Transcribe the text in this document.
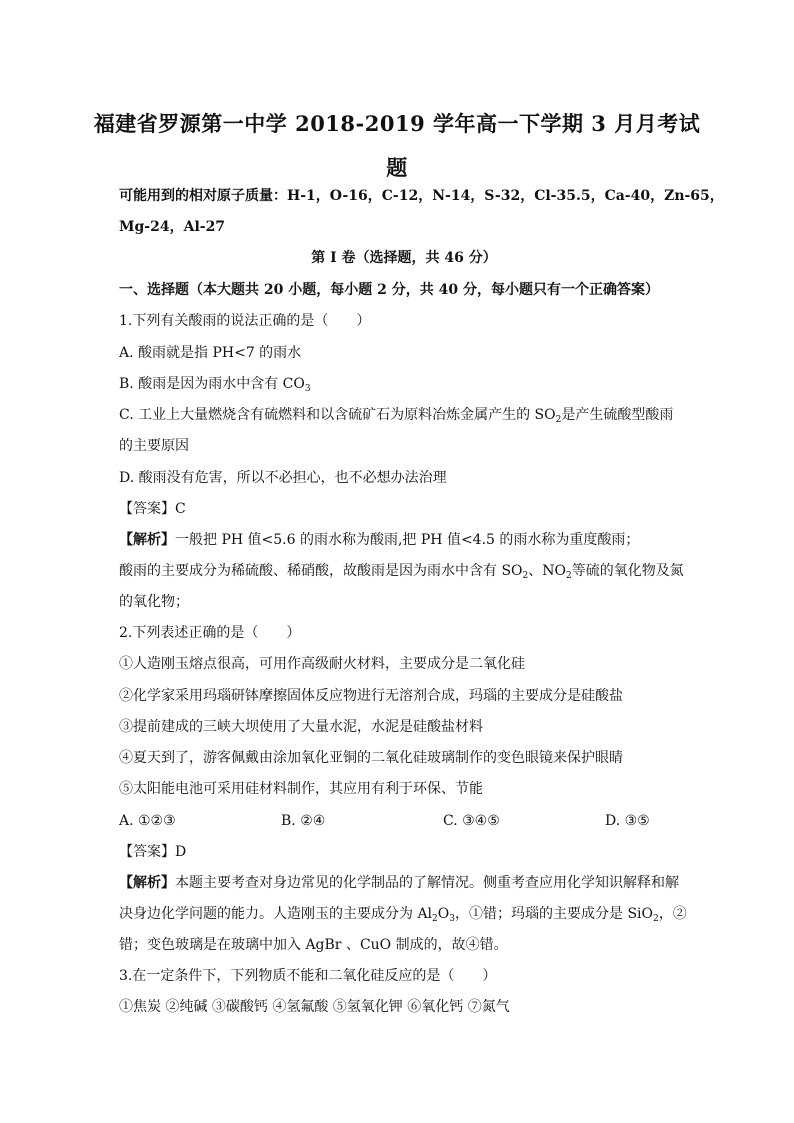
福建省罗源第一中学 2018-2019 学年高一下学期 3 月月考试
题
可能用到的相对原子质量：H-1，O-16，C-12，N-14，S-32，Cl-35.5，Ca-40，Zn-65，
Mg-24，Al-27
第 I 卷（选择题，共 46 分）
一、选择题（本大题共 20 小题，每小题 2 分，共 40 分，每小题只有一个正确答案）
1.下列有关酸雨的说法正确的是（　　）
A. 酸雨就是指 PH<7 的雨水
B. 酸雨是因为雨水中含有 $CO_3$
C. 工业上大量燃烧含有硫燃料和以含硫矿石为原料冶炼金属产生的 $SO_2$是产生硫酸型酸雨
的主要原因
D. 酸雨没有危害，所以不必担心，也不必想办法治理
【答案】C
【解析】一般把 PH 值<5.6 的雨水称为酸雨,把 PH 值<4.5 的雨水称为重度酸雨；
酸雨的主要成分为稀硫酸、稀硝酸，故酸雨是因为雨水中含有 $SO_2$、$NO_2$等硫的氧化物及氮
的氧化物；
2.下列表述正确的是（　　）
①人造刚玉熔点很高，可用作高级耐火材料，主要成分是二氧化硅
②化学家采用玛瑙研钵摩擦固体反应物进行无溶剂合成，玛瑙的主要成分是硅酸盐
③提前建成的三峡大坝使用了大量水泥，水泥是硅酸盐材料
④夏天到了，游客佩戴由涂加氧化亚铜的二氧化硅玻璃制作的变色眼镜来保护眼睛
⑤太阳能电池可采用硅材料制作，其应用有利于环保、节能
A. ①②③	B. ②④	C. ③④⑤	D. ③⑤
【答案】D
【解析】本题主要考查对身边常见的化学制品的了解情况。侧重考查应用化学知识解释和解
决身边化学问题的能力。人造刚玉的主要成分为 $Al_2O_3$，①错；玛瑙的主要成分是 SiO$_2$，②
错；变色玻璃是在玻璃中加入 AgBr 、CuO 制成的，故④错。
3.在一定条件下，下列物质不能和二氧化硅反应的是（　　）
①焦炭 ②纯碱 ③碳酸钙 ④氢氟酸 ⑤氢氧化钾 ⑥氧化钙 ⑦氮气
